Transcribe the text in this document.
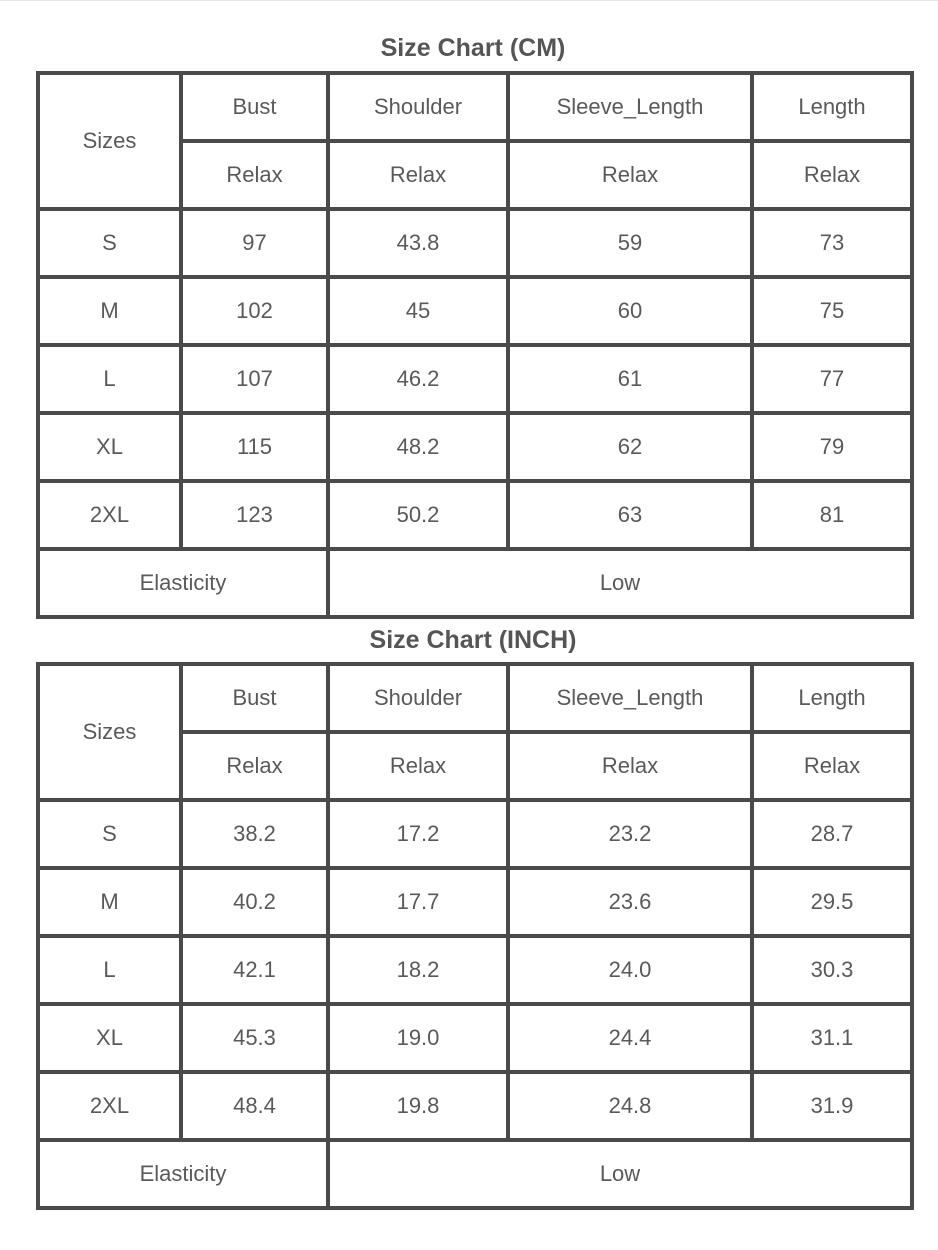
Size Chart (CM)
Sizes	Bust	Shoulder	Sleeve_Length	Length
	Relax	Relax	Relax	Relax
S	97	43.8	59	73
M	102	45	60	75
L	107	46.2	61	77
XL	115	48.2	62	79
2XL	123	50.2	63	81
Elasticity		Low		
Size Chart (INCH)
Sizes	Bust	Shoulder	Sleeve_Length	Length
	Relax	Relax	Relax	Relax
S	38.2	17.2	23.2	28.7
M	40.2	17.7	23.6	29.5
L	42.1	18.2	24.0	30.3
XL	45.3	19.0	24.4	31.1
2XL	48.4	19.8	24.8	31.9
Elasticity		Low		
